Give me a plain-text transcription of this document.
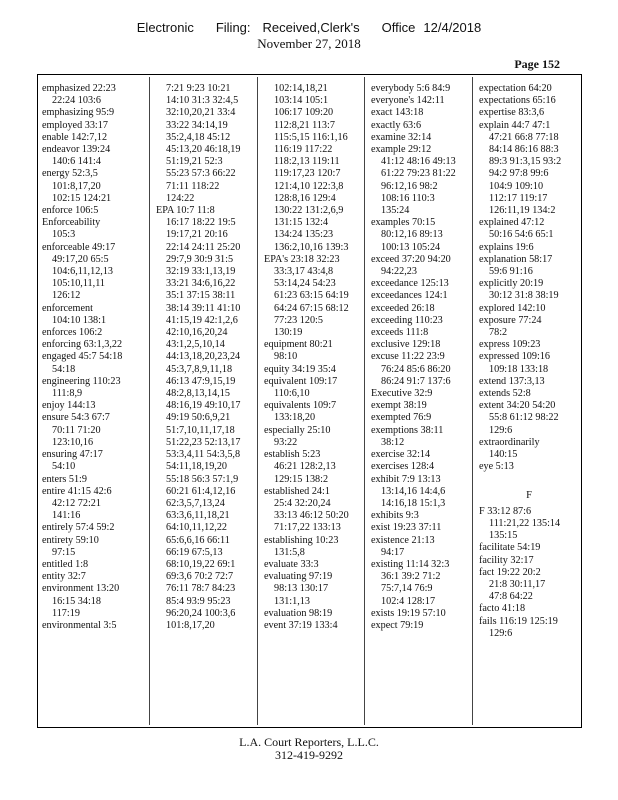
Electronic Filing: Received,Clerk's Office 12/4/2018
November 27, 2018
Page 152
emphasized 22:23
22:24 103:6
emphasizing 95:9
employed 33:17
enable 142:7,12
endeavor 139:24
140:6 141:4
energy 52:3,5
101:8,17,20
102:15 124:21
enforce 106:5
Enforceability
105:3
enforceable 49:17
49:17,20 65:5
104:6,11,12,13
105:10,11,11
126:12
enforcement
104:10 138:1
enforces 106:2
enforcing 63:1,3,22
engaged 45:7 54:18
54:18
engineering 110:23
111:8,9
enjoy 144:13
ensure 54:3 67:7
70:11 71:20
123:10,16
ensuring 47:17
54:10
enters 51:9
entire 41:15 42:6
42:12 72:21
141:16
entirely 57:4 59:2
entirety 59:10
97:15
entitled 1:8
entity 32:7
environment 13:20
16:15 34:18
117:19
environmental 3:5
7:21 9:23 10:21
14:10 31:3 32:4,5
32:10,20,21 33:4
33:22 34:14,19
35:2,4,18 45:12
45:13,20 46:18,19
51:19,21 52:3
55:23 57:3 66:22
71:11 118:22
124:22
EPA 10:7 11:8
16:17 18:22 19:5
19:17,21 20:16
22:14 24:11 25:20
29:7,9 30:9 31:5
32:19 33:1,13,19
33:21 34:6,16,22
35:1 37:15 38:11
38:14 39:11 41:10
41:15,19 42:1,2,6
42:10,16,20,24
43:1,2,5,10,14
44:13,18,20,23,24
45:3,7,8,9,11,18
46:13 47:9,15,19
48:2,8,13,14,15
48:16,19 49:10,17
49:19 50:6,9,21
51:7,10,11,17,18
51:22,23 52:13,17
53:3,4,11 54:3,5,8
54:11,18,19,20
55:18 56:3 57:1,9
60:21 61:4,12,16
62:3,5,7,13,24
63:3,6,11,18,21
64:10,11,12,22
65:6,6,16 66:11
66:19 67:5,13
68:10,19,22 69:1
69:3,6 70:2 72:7
76:11 78:7 84:23
85:4 93:9 95:23
96:20,24 100:3,6
101:8,17,20
102:14,18,21
103:14 105:1
106:17 109:20
112:8,21 113:7
115:5,15 116:1,16
116:19 117:22
118:2,13 119:11
119:17,23 120:7
121:4,10 122:3,8
128:8,16 129:4
130:22 131:2,6,9
131:15 132:4
134:24 135:23
136:2,10,16 139:3
EPA's 23:18 32:23
33:3,17 43:4,8
53:14,24 54:23
61:23 63:15 64:19
64:24 67:15 68:12
77:23 120:5
130:19
equipment 80:21
98:10
equity 34:19 35:4
equivalent 109:17
110:6,10
equivalents 109:7
133:18,20
especially 25:10
93:22
establish 5:23
46:21 128:2,13
129:15 138:2
established 24:1
25:4 32:20,24
33:13 46:12 50:20
71:17,22 133:13
establishing 10:23
131:5,8
evaluate 33:3
evaluating 97:19
98:13 130:17
131:1,13
evaluation 98:19
event 37:19 133:4
everybody 5:6 84:9
everyone's 142:11
exact 143:18
exactly 63:6
examine 32:14
example 29:12
41:12 48:16 49:13
61:22 79:23 81:22
96:12,16 98:2
108:16 110:3
135:24
examples 70:15
80:12,16 89:13
100:13 105:24
exceed 37:20 94:20
94:22,23
exceedance 125:13
exceedances 124:1
exceeded 26:18
exceeding 110:23
exceeds 111:8
exclusive 129:18
excuse 11:22 23:9
76:24 85:6 86:20
86:24 91:7 137:6
Executive 32:9
exempt 38:19
exempted 76:9
exemptions 38:11
38:12
exercise 32:14
exercises 128:4
exhibit 7:9 13:13
13:14,16 14:4,6
14:16,18 15:1,3
exhibits 9:3
exist 19:23 37:11
existence 21:13
94:17
existing 11:14 32:3
36:1 39:2 71:2
75:7,14 76:9
102:4 128:17
exists 19:19 57:10
expect 79:19
expectation 64:20
expectations 65:16
expertise 83:3,6
explain 44:7 47:1
47:21 66:8 77:18
84:14 86:16 88:3
89:3 91:3,15 93:2
94:2 97:8 99:6
104:9 109:10
112:17 119:17
126:11,19 134:2
explained 47:12
50:16 54:6 65:1
explains 19:6
explanation 58:17
59:6 91:16
explicitly 20:19
30:12 31:8 38:19
explored 142:10
exposure 77:24
78:2
express 109:23
expressed 109:16
109:18 133:18
extend 137:3,13
extends 52:8
extent 34:20 54:20
55:8 61:12 98:22
129:6
extraordinarily
140:15
eye 5:13
F
F 33:12 87:6
111:21,22 135:14
135:15
facilitate 54:19
facility 32:17
fact 19:22 20:2
21:8 30:11,17
47:8 64:22
facto 41:18
fails 116:19 125:19
129:6
L.A. Court Reporters, L.L.C.
312-419-9292
